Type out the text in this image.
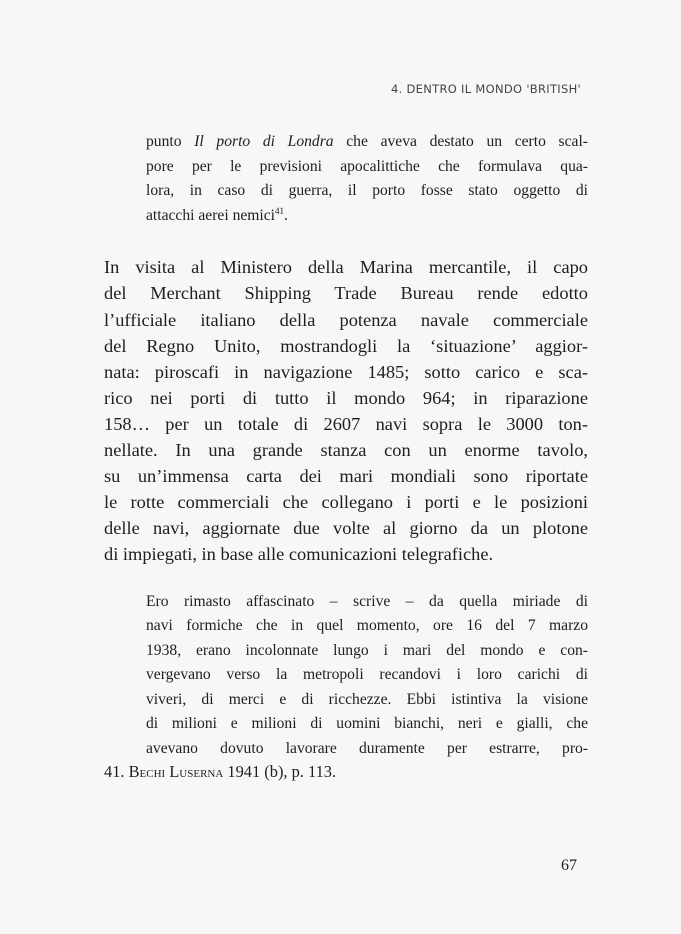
4. DENTRO IL MONDO 'BRITISH'
punto Il porto di Londra che aveva destato un certo scal-
pore per le previsioni apocalittiche che formulava qua-
lora, in caso di guerra, il porto fosse stato oggetto di
attacchi aerei nemici$^{41}$.
In visita al Ministero della Marina mercantile, il capo
del Merchant Shipping Trade Bureau rende edotto
l’ufficiale italiano della potenza navale commerciale
del Regno Unito, mostrandogli la ‘situazione’ aggior-
nata: piroscafi in navigazione 1485; sotto carico e sca-
rico nei porti di tutto il mondo 964; in riparazione
158… per un totale di 2607 navi sopra le 3000 ton-
nellate. In una grande stanza con un enorme tavolo,
su un’immensa carta dei mari mondiali sono riportate
le rotte commerciali che collegano i porti e le posizioni
delle navi, aggiornate due volte al giorno da un plotone
di impiegati, in base alle comunicazioni telegrafiche.
Ero rimasto affascinato – scrive – da quella miriade di
navi formiche che in quel momento, ore 16 del 7 marzo
1938, erano incolonnate lungo i mari del mondo e con-
vergevano verso la metropoli recandovi i loro carichi di
viveri, di merci e di ricchezze. Ebbi istintiva la visione
di milioni e milioni di uomini bianchi, neri e gialli, che
avevano dovuto lavorare duramente per estrarre, pro-
41. Bechi Luserna 1941 (b), p. 113.
67
